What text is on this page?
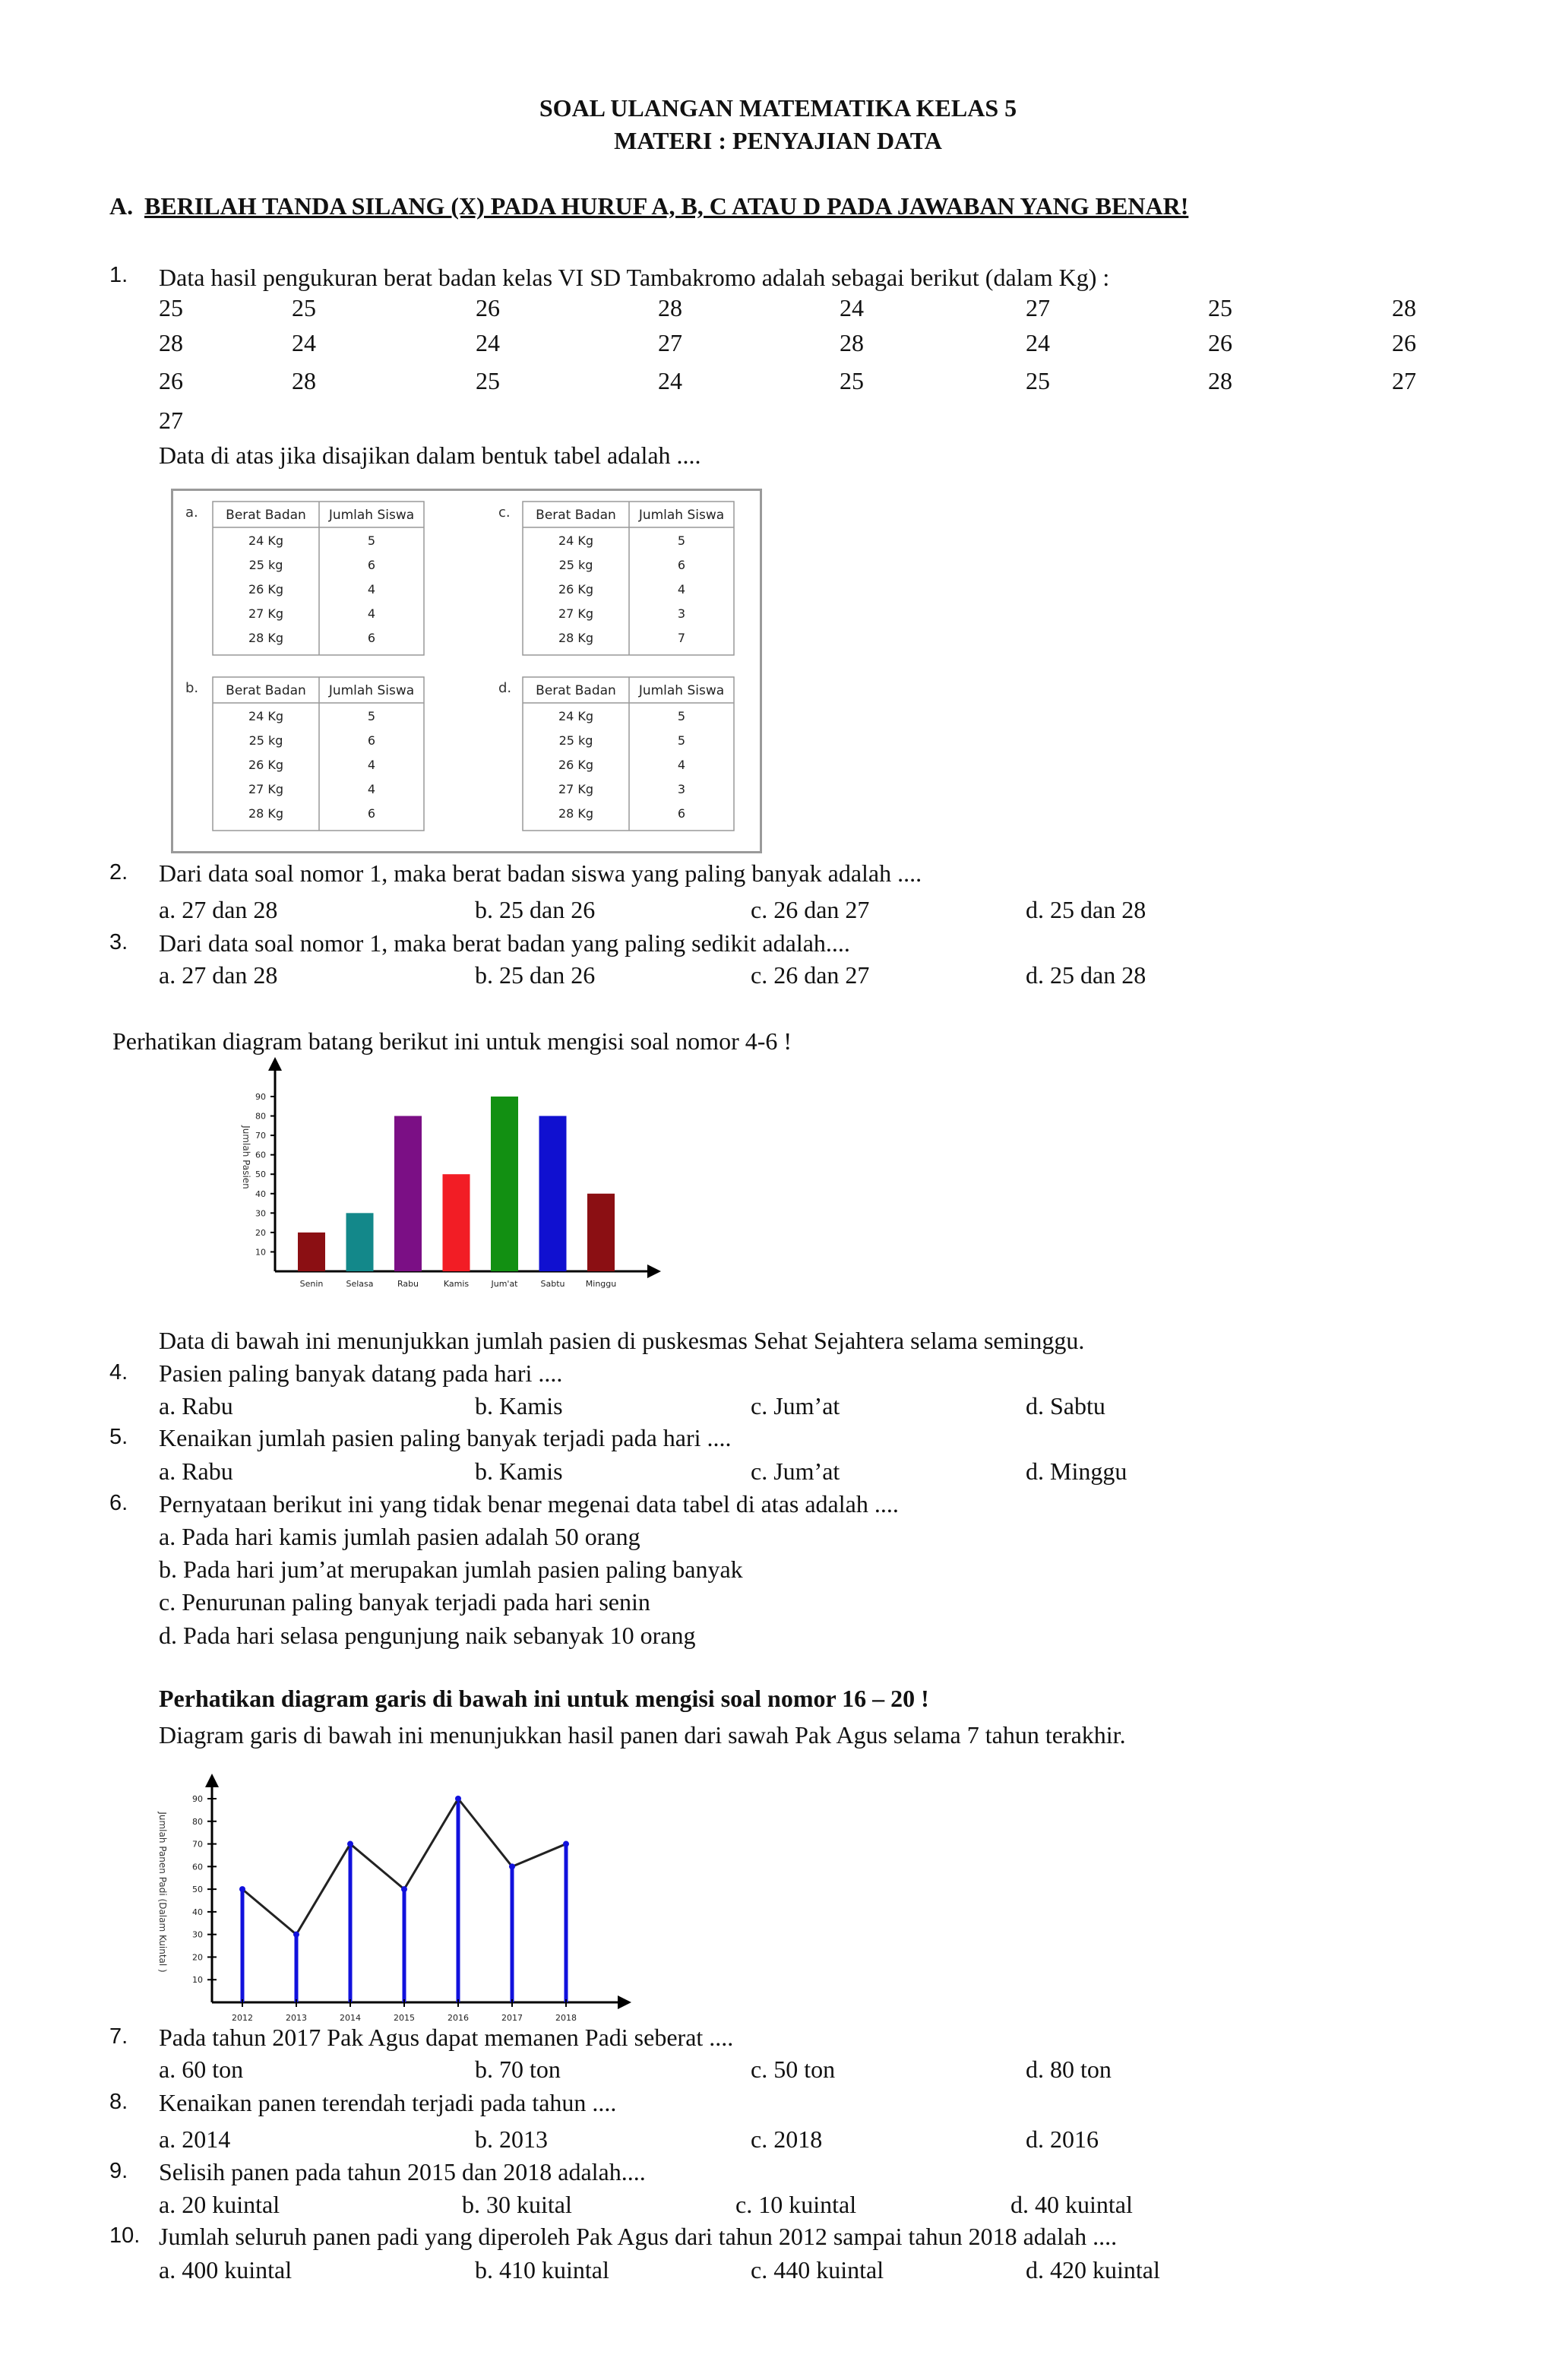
SOAL ULANGAN MATEMATIKA KELAS 5
MATERI : PENYAJIAN DATA
A. BERILAH TANDA SILANG (X) PADA HURUF A, B, C ATAU D PADA JAWABAN YANG BENAR!
1. Data hasil pengukuran berat badan kelas VI SD Tambakromo adalah sebagai berikut (dalam Kg) :
25	25	26	28	24	27	25	28
28	24	24	27	28	24	26	26
26	28	25	24	25	25	28	27
27
Data di atas jika disajikan dalam bentuk tabel adalah ....
a. Berat Badan Jumlah Siswa
24 Kg	5
25 kg	6
26 Kg	4
27 Kg	4
28 Kg	6
c. Berat Badan Jumlah Siswa
24 Kg	5
25 kg	6
26 Kg	4
27 Kg	3
28 Kg	7
b. Berat Badan Jumlah Siswa
24 Kg	5
25 kg	6
26 Kg	4
27 Kg	4
28 Kg	6
d. Berat Badan Jumlah Siswa
24 Kg	5
25 kg	5
26 Kg	4
27 Kg	3
28 Kg	6
2. Dari data soal nomor 1, maka berat badan siswa yang paling banyak adalah ....
a. 27 dan 28	b. 25 dan 26	c. 26 dan 27	d. 25 dan 28
3. Dari data soal nomor 1, maka berat badan yang paling sedikit adalah....
a. 27 dan 28	b. 25 dan 26	c. 26 dan 27	d. 25 dan 28
Perhatikan diagram batang berikut ini untuk mengisi soal nomor 4-6 !
10
20
30
40
50
60
70
80
90
Jumlah Pasien
Senin	Selasa	Rabu	Kamis	Jum'at	Sabtu Minggu
Data di bawah ini menunjukkan jumlah pasien di puskesmas Sehat Sejahtera selama seminggu.
4. Pasien paling banyak datang pada hari ....
a. Rabu	b. Kamis	c. Jum’at	d. Sabtu
5. Kenaikan jumlah pasien paling banyak terjadi pada hari ....
a. Rabu	b. Kamis	c. Jum’at	d. Minggu
6. Pernyataan berikut ini yang tidak benar megenai data tabel di atas adalah ....
a. Pada hari kamis jumlah pasien adalah 50 orang
b. Pada hari jum’at merupakan jumlah pasien paling banyak
c. Penurunan paling banyak terjadi pada hari senin
d. Pada hari selasa pengunjung naik sebanyak 10 orang
Perhatikan diagram garis di bawah ini untuk mengisi soal nomor 16 – 20 !
Diagram garis di bawah ini menunjukkan hasil panen dari sawah Pak Agus selama 7 tahun terakhir.
10
20
30
40
50
60
70
80
90
Jumlah Panen Padi (Dalam Kuintal )
2012	2013	2014	2015	2016	2017	2018
7. Pada tahun 2017 Pak Agus dapat memanen Padi seberat ....
a. 60 ton	b. 70 ton	c. 50 ton	d. 80 ton
8. Kenaikan panen terendah terjadi pada tahun ....
a. 2014	b. 2013	c. 2018	d. 2016
9. Selisih panen pada tahun 2015 dan 2018 adalah....
a. 20 kuintal	b. 30 kuital	c. 10 kuintal	d. 40 kuintal
10. Jumlah seluruh panen padi yang diperoleh Pak Agus dari tahun 2012 sampai tahun 2018 adalah ....
a. 400 kuintal	b. 410 kuintal	c. 440 kuintal	d. 420 kuintal
